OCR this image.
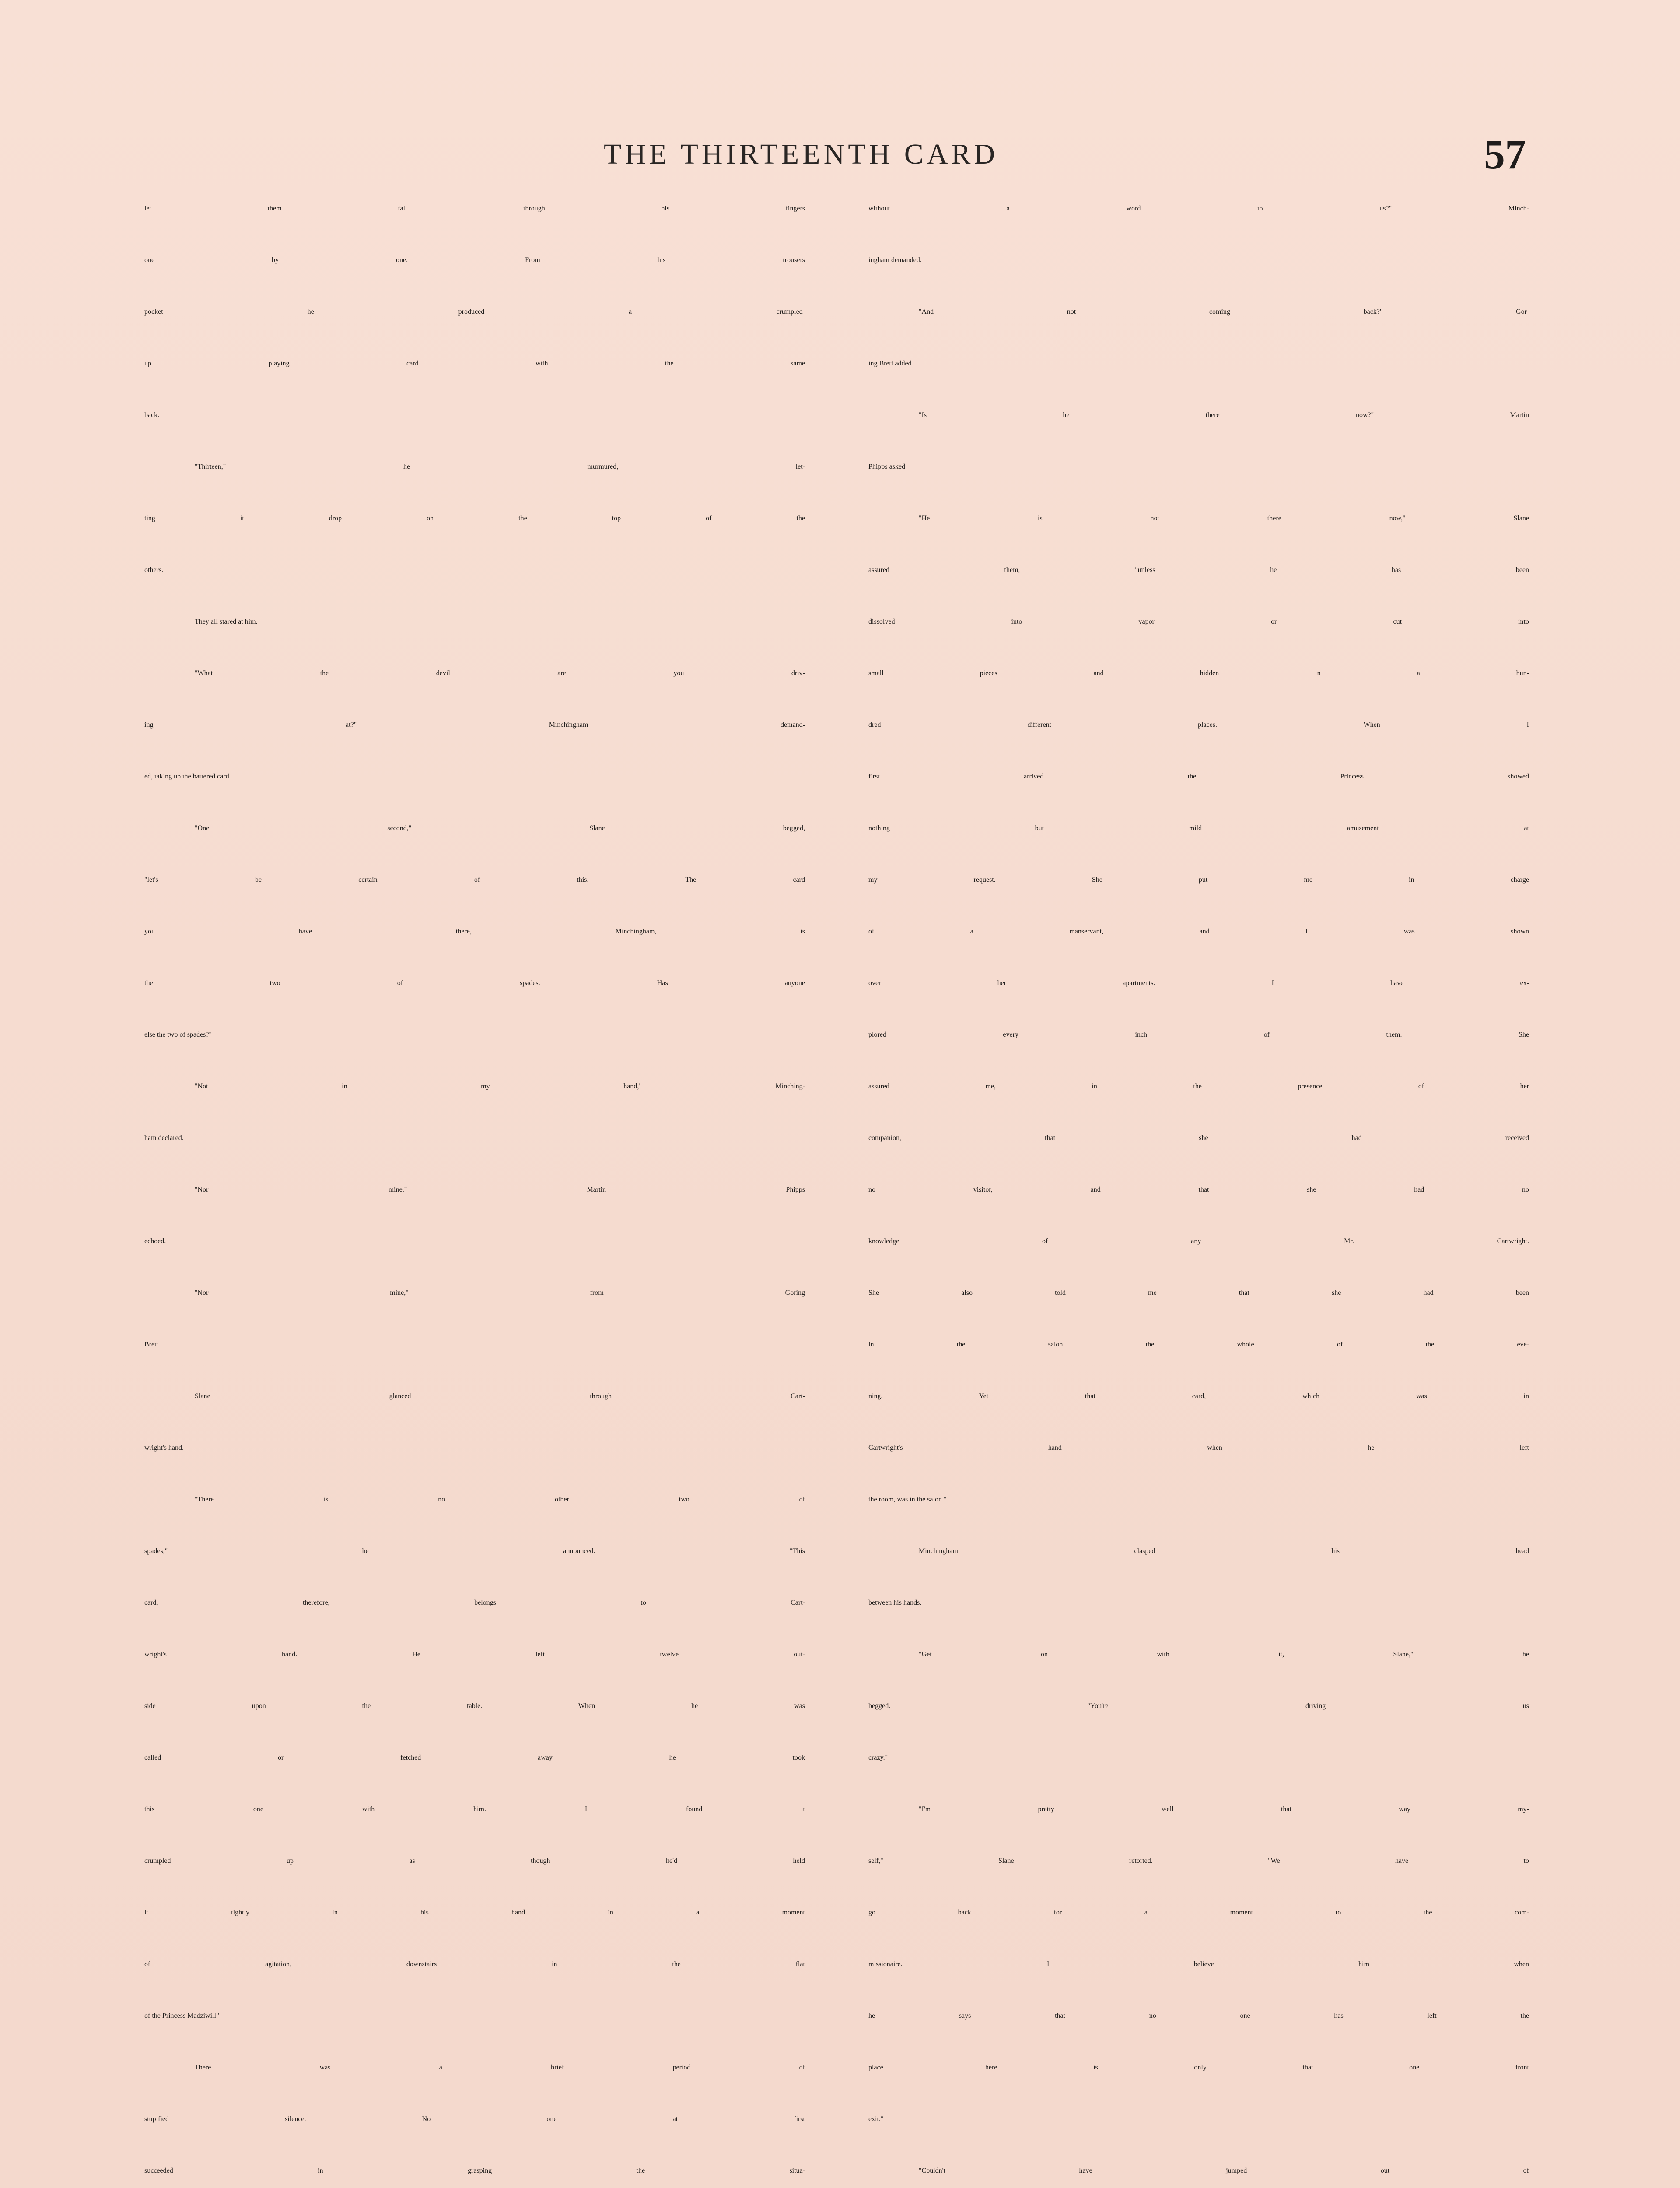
THE THIRTEENTH CARD	57
let them fall through his fingers
one by one. From his trousers
pocket he produced a crumpled-
up playing card with the same
back.
"Thirteen," he murmured, let-
ting it drop on the top of the
others.
They all stared at him.
"What the devil are you driv-
ing at?" Minchingham demand-
ed, taking up the battered card.
"One second," Slane begged,
"let's be certain of this. The card
you have there, Minchingham, is
the two of spades. Has anyone
else the two of spades?"
"Not in my hand," Minching-
ham declared.
"Nor mine," Martin Phipps
echoed.
"Nor mine," from Goring
Brett.
Slane glanced through Cart-
wright's hand.
"There is no other two of
spades," he announced. "This
card, therefore, belongs to Cart-
wright's hand. He left twelve out-
side upon the table. When he was
called or fetched away he took
this one with him. I found it
crumpled up as though he'd held
it tightly in his hand in a moment
of agitation, downstairs in the flat
of the Princess Madziwill."
There was a brief period of
stupified silence. No one at first
succeeded in grasping the situa-
without a word to us?" Minch-
ingham demanded.
"And not coming back?" Gor-
ing Brett added.
"Is he there now?" Martin
Phipps asked.
"He is not there now," Slane
assured them, "unless he has been
dissolved into vapor or cut into
small pieces and hidden in a hun-
dred different places. When I
first arrived the Princess showed
nothing but mild amusement at
my request. She put me in charge
of a manservant, and I was shown
over her apartments. I have ex-
plored every inch of them. She
assured me, in the presence of her
companion, that she had received
no visitor, and that she had no
knowledge of any Mr. Cartwright.
She also told me that she had been
in the salon the whole of the eve-
ning. Yet that card, which was in
Cartwright's hand when he left
the room, was in the salon."
Minchingham clasped his head
between his hands.
"Get on with it, Slane," he
begged. "You're driving us
crazy."
"I'm pretty well that way my-
self," Slane retorted. "We have to
go back for a moment to the com-
missionaire. I believe him when
he says that no one has left the
place. There is only that one front
exit."
"Couldn't have jumped out of
